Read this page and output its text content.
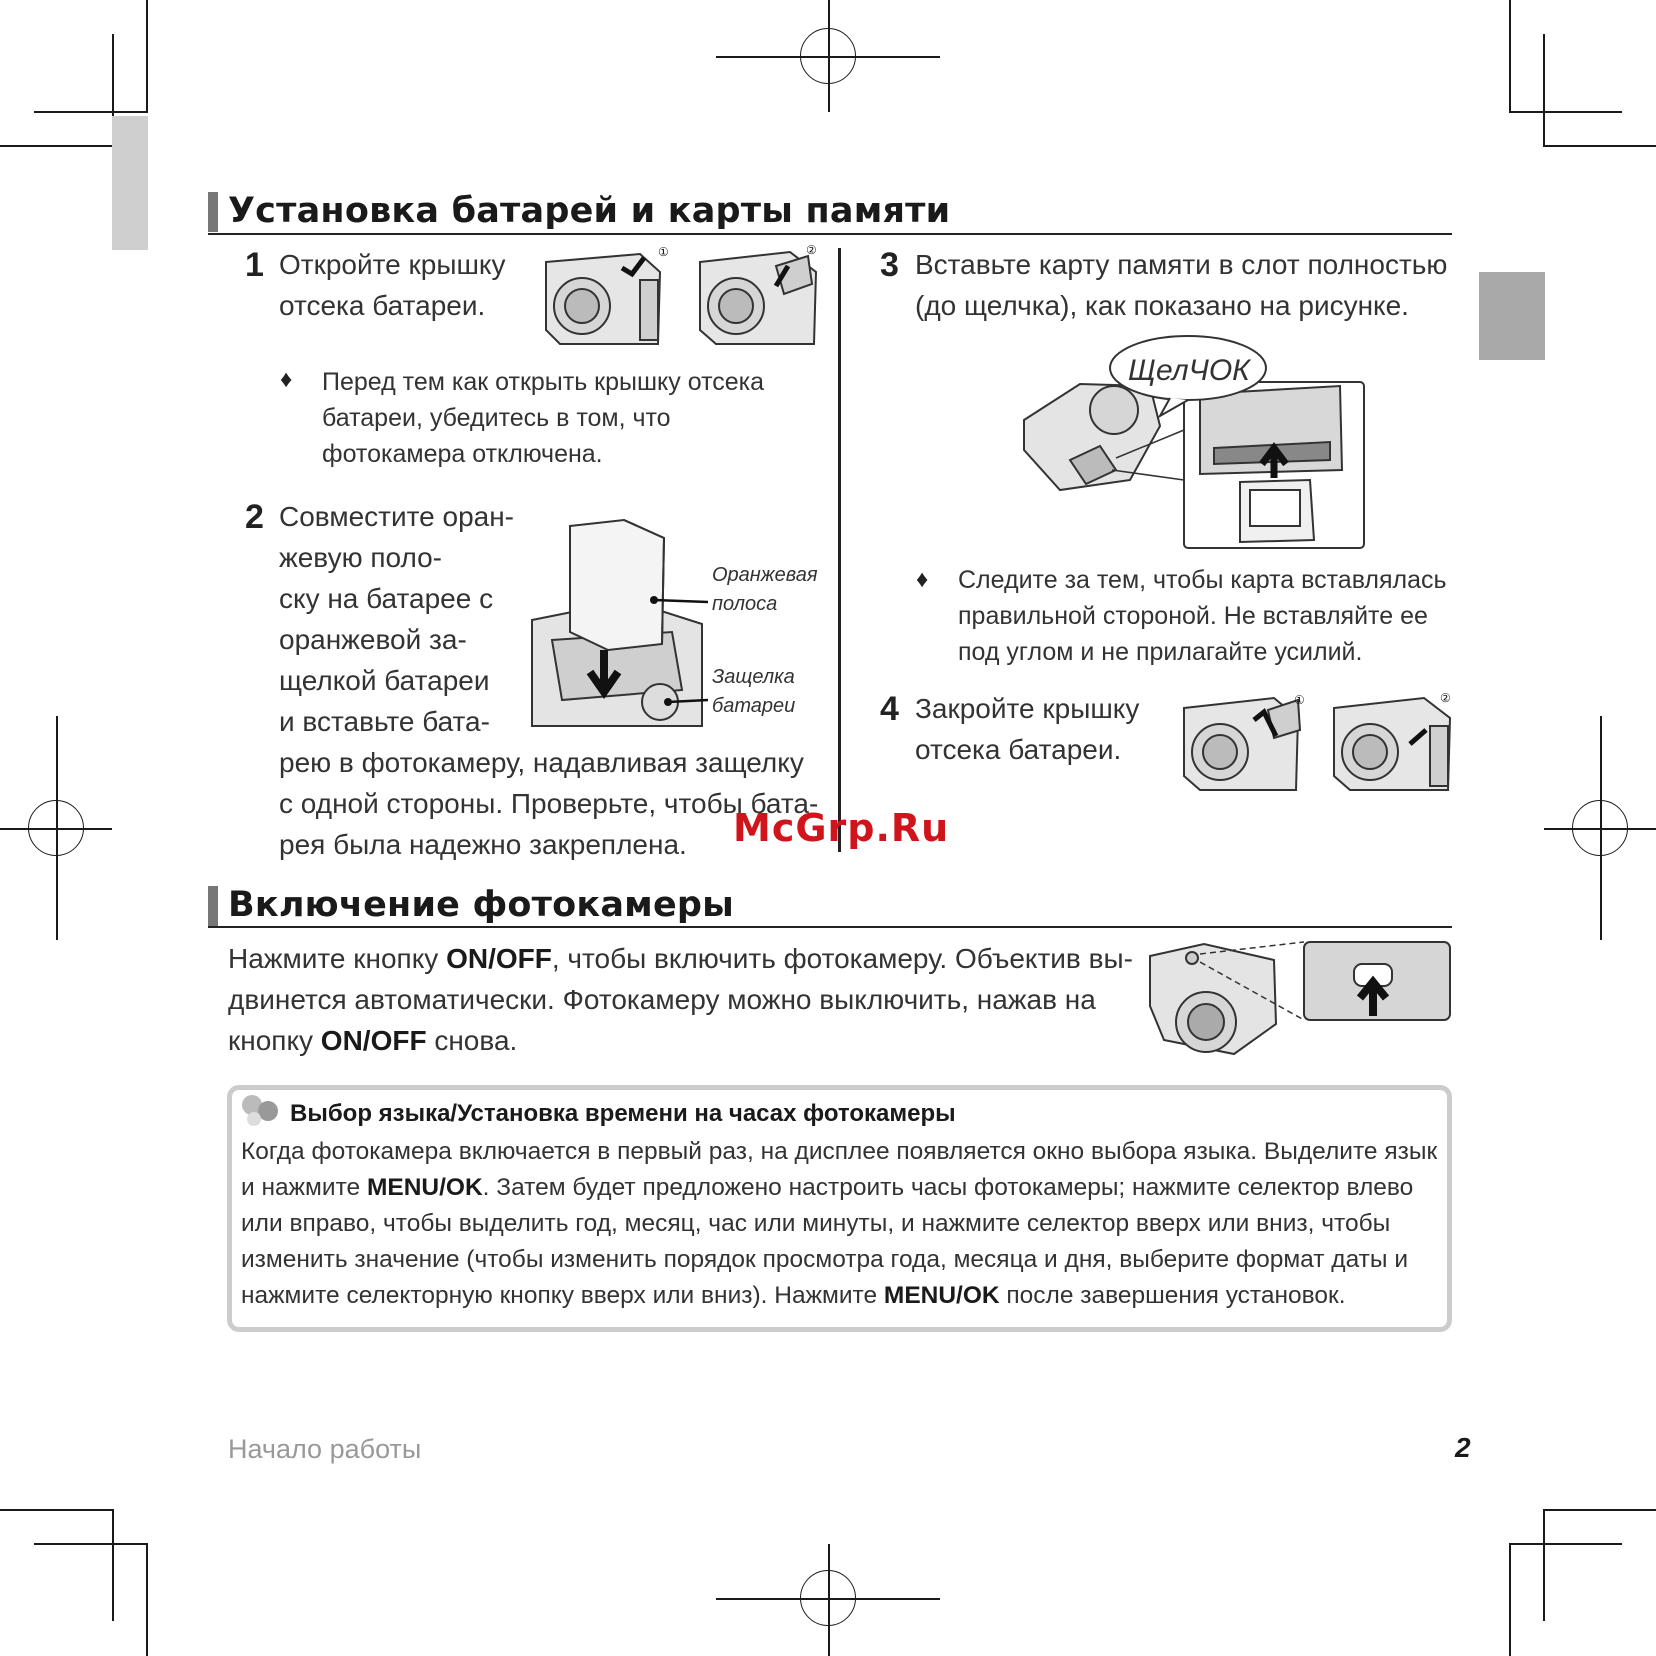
Установка батарей и карты памяти
1 Откройте крышку отсека батареи.
①	②
♦ Перед тем как открыть крышку отсека батареи, убедитесь в том, что фотокамера отключена.
2 Совместите оран-
жевую поло-
ску на батарее с
оранжевой за-
щелкой батареи
и вставьте бата-
рею в фотокамеру, надавливая защелку
с одной стороны. Проверьте, чтобы бата-
рея была надежно закреплена.
Оранжевая
полоса
Защелка
батареи
3 Вставьте карту памяти в слот полностью
(до щелчка), как показано на рисунке.
ЩелЧОК
♦ Следите за тем, чтобы карта вставлялась
правильной стороной. Не вставляйте ее
под углом и не прилагайте усилий.
4 Закройте крышку
отсека батареи.
①	②
McGrp.Ru
Включение фотокамеры
Нажмите кнопку ON/OFF, чтобы включить фотокамеру. Объектив вы-
двинется автоматически. Фотокамеру можно выключить, нажав на
кнопку ON/OFF снова.
Выбор языка/Установка времени на часах фотокамеры
Когда фотокамера включается в первый раз, на дисплее появляется окно выбора языка. Выделите язык и нажмите MENU/OK. Затем будет предложено настроить часы фотокамеры; нажмите селектор влево или вправо, чтобы выделить год, месяц, час или минуты, и нажмите селектор вверх или вниз, чтобы изменить значение (чтобы изменить порядок просмотра года, месяца и дня, выберите формат даты и нажмите селекторную кнопку вверх или вниз). Нажмите MENU/OK после завершения установок.
Начало работы	2
